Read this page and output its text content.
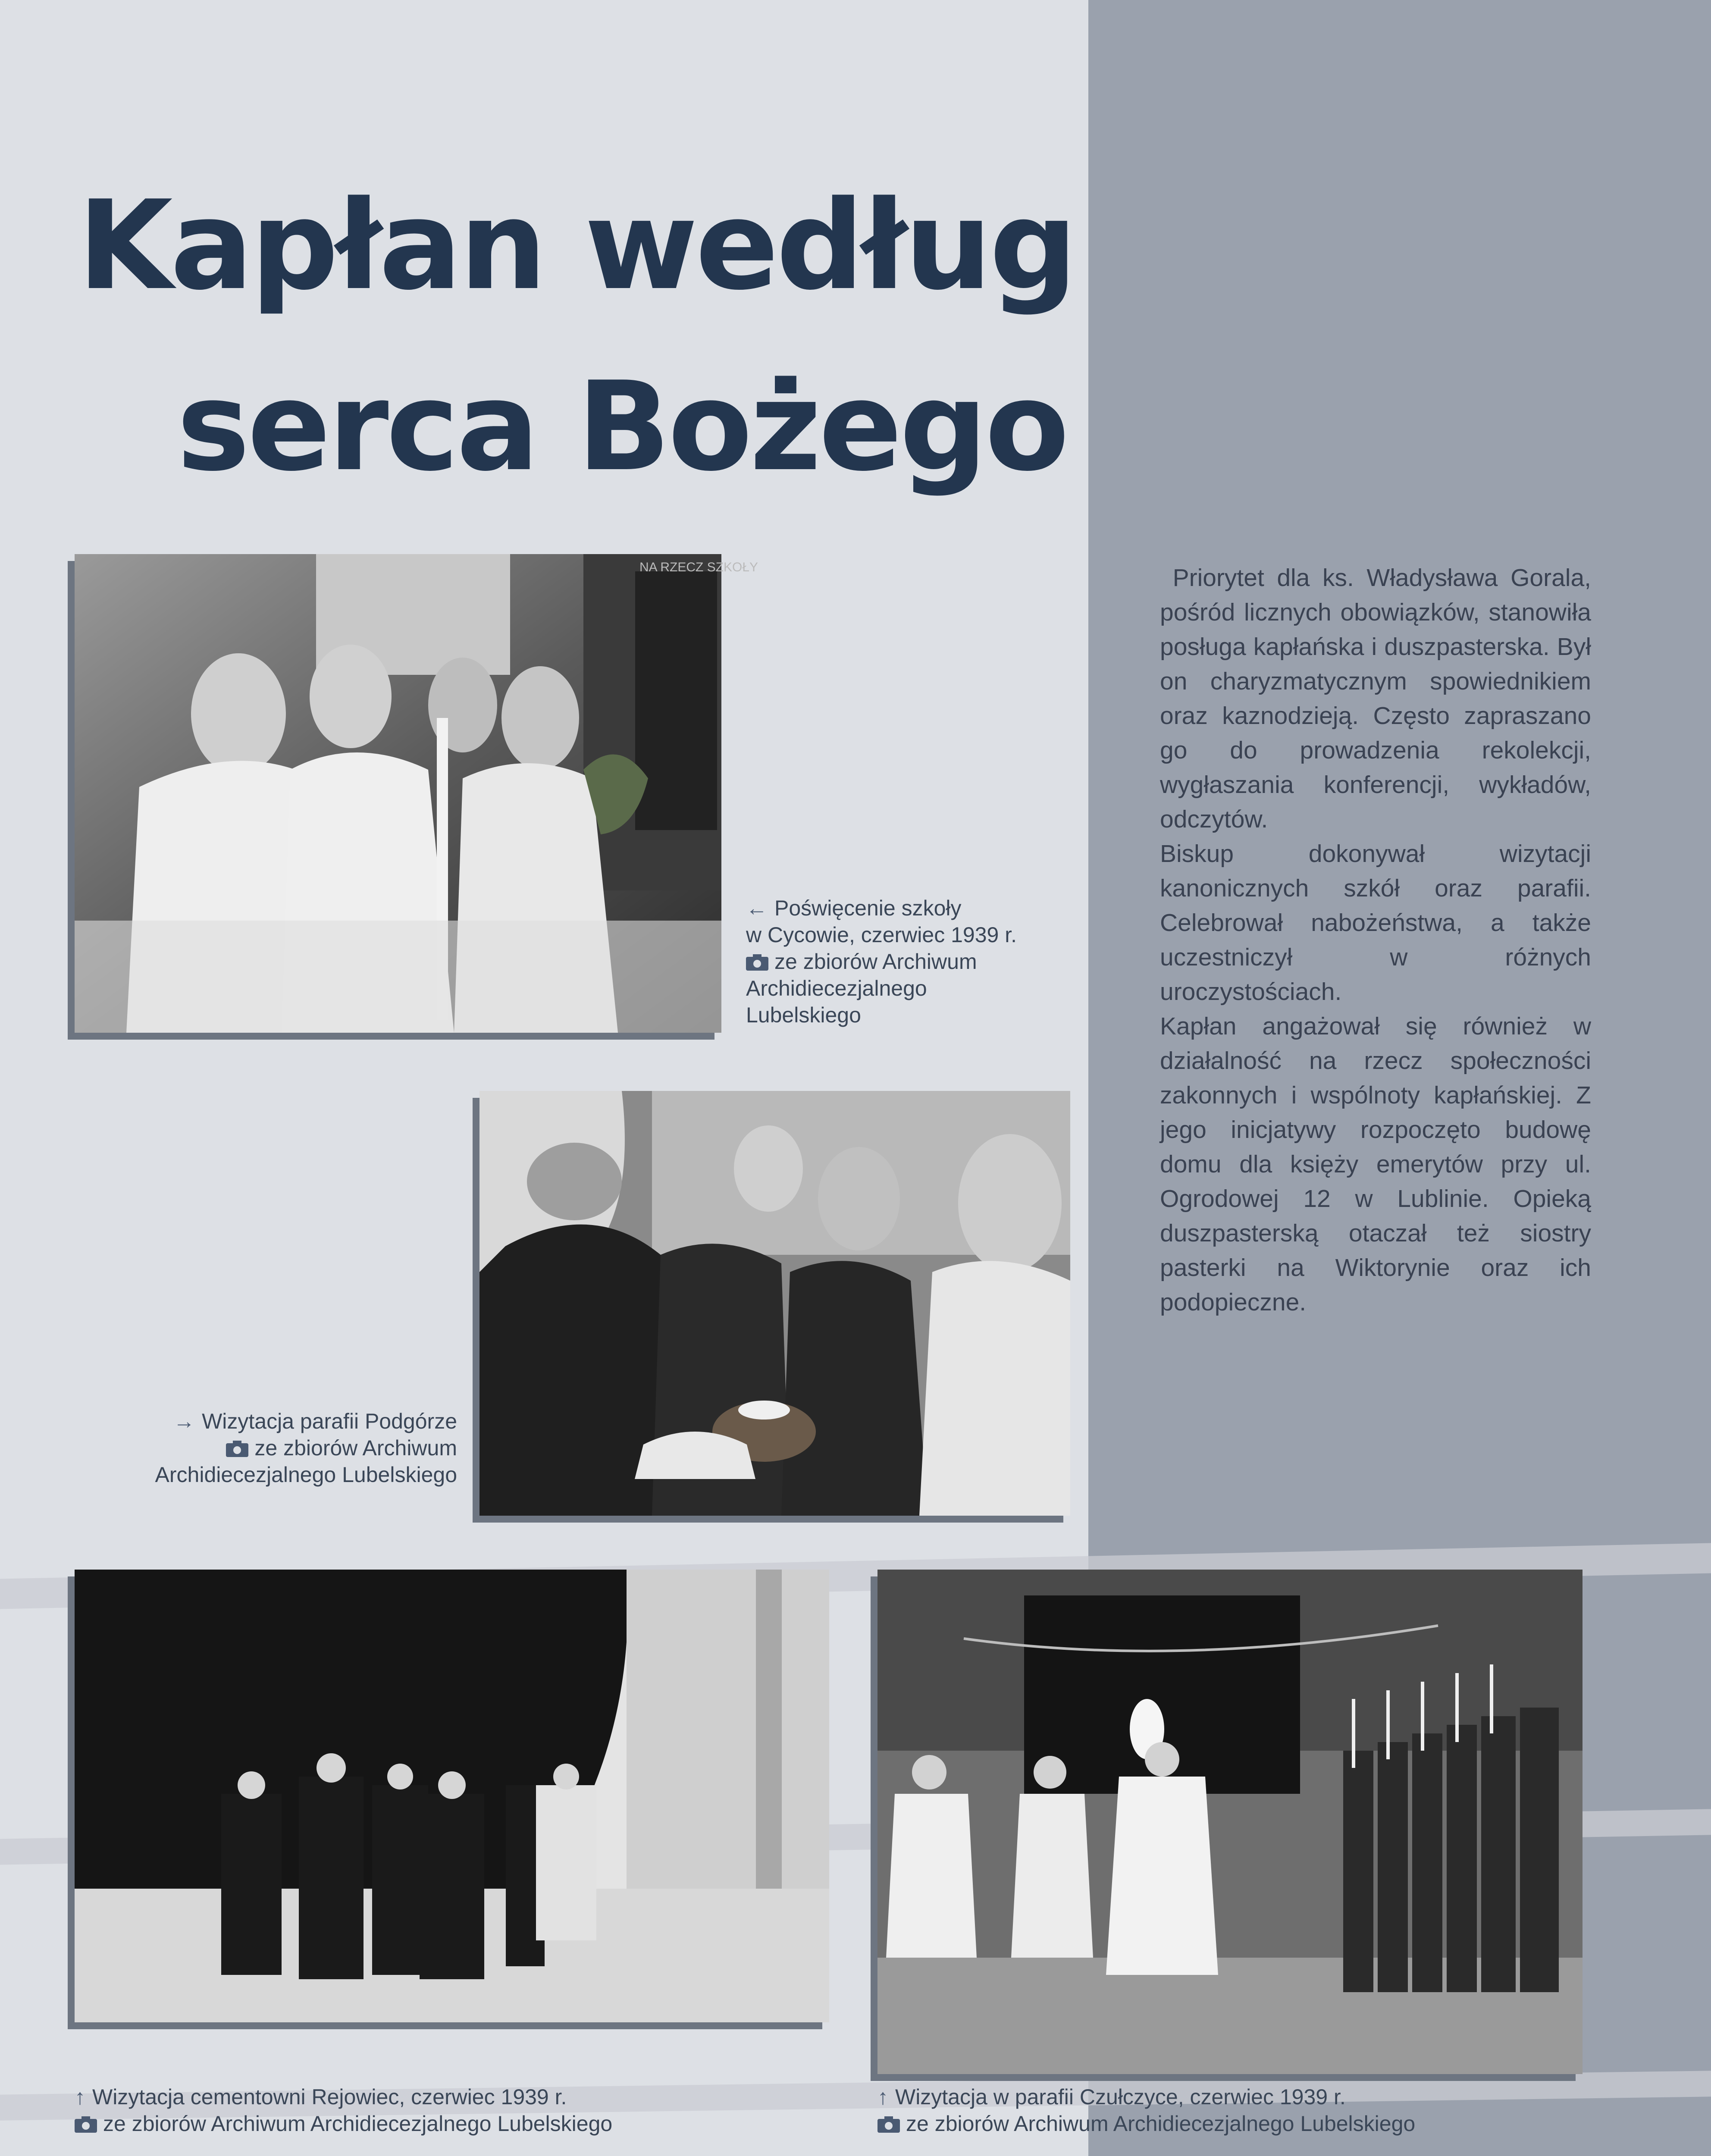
Kapłan według
serca Bożego
NA RZECZ SZKOŁY
← Poświęcenie szkoły
w Cycowie, czerwiec 1939 r.
ze zbiorów Archiwum
Archidiecezjalnego
Lubelskiego
→ Wizytacja parafii Podgórze
ze zbiorów Archiwum
Archidiecezjalnego Lubelskiego
↑ Wizytacja cementowni Rejowiec, czerwiec 1939 r.
ze zbiorów Archiwum Archidiecezjalnego Lubelskiego
↑ Wizytacja w parafii Czułczyce, czerwiec 1939 r.
ze zbiorów Archiwum Archidiecezjalnego Lubelskiego

Priorytet dla ks. Władysława Gorala, pośród licznych obowiązków, stanowiła posługa kapłańska i duszpasterska. Był on charyzmatycznym spowiednikiem oraz kaznodzieją. Często zapraszano go do prowadzenia rekolekcji, wygłaszania konferencji, wykładów, odczytów.

Biskup dokonywał wizytacji kanonicznych szkół oraz parafii. Celebrował nabożeństwa, a także uczestniczył w różnych uroczystościach.

Kapłan angażował się również w działalność na rzecz społeczności zakonnych i wspólnoty kapłańskiej. Z jego inicjatywy rozpoczęto budowę domu dla księży emerytów przy ul. Ogrodowej 12 w Lublinie. Opieką duszpasterską otaczał też siostry pasterki na Wiktorynie oraz ich podopieczne.
